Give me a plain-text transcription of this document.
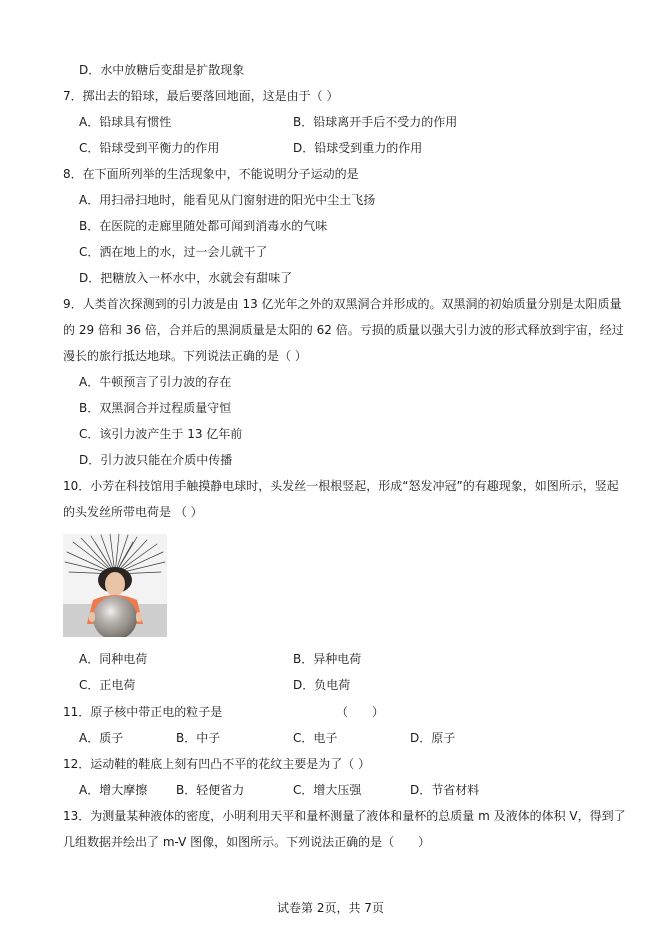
D．水中放糖后变甜是扩散现象
7．掷出去的铅球，最后要落回地面，这是由于（ ）
A．铅球具有惯性	B．铅球离开手后不受力的作用
C．铅球受到平衡力的作用	D．铅球受到重力的作用
8．在下面所列举的生活现象中，不能说明分子运动的是
A．用扫帚扫地时，能看见从门窗射进的阳光中尘土飞扬
B．在医院的走廊里随处都可闻到消毒水的气味
C．洒在地上的水，过一会儿就干了
D．把糖放入一杯水中，水就会有甜味了
9．人类首次探测到的引力波是由 13 亿光年之外的双黑洞合并形成的。双黑洞的初始质量分别是太阳质量
的 29 倍和 36 倍，合并后的黑洞质量是太阳的 62 倍。亏损的质量以强大引力波的形式释放到宇宙，经过
漫长的旅行抵达地球。下列说法正确的是（ ）
A．牛顿预言了引力波的存在
B．双黑洞合并过程质量守恒
C．该引力波产生于 13 亿年前
D．引力波只能在介质中传播
10．小芳在科技馆用手触摸静电球时，头发丝一根根竖起，形成“怒发冲冠”的有趣现象，如图所示，竖起
的头发丝所带电荷是 （ ）
A．同种电荷	B．异种电荷
C．正电荷	D．负电荷
11．原子核中带正电的粒子是	（　　）
A．质子	B．中子	C．电子	D．原子
12．运动鞋的鞋底上刻有凹凸不平的花纹主要是为了（ ）
A．增大摩擦 B．轻便省力	C．增大压强	D．节省材料
13．为测量某种液体的密度，小明利用天平和量杯测量了液体和量杯的总质量 m 及液体的体积 V，得到了
几组数据并绘出了 m-V 图像，如图所示。下列说法正确的是（　　）
试卷第 2页，共 7页
